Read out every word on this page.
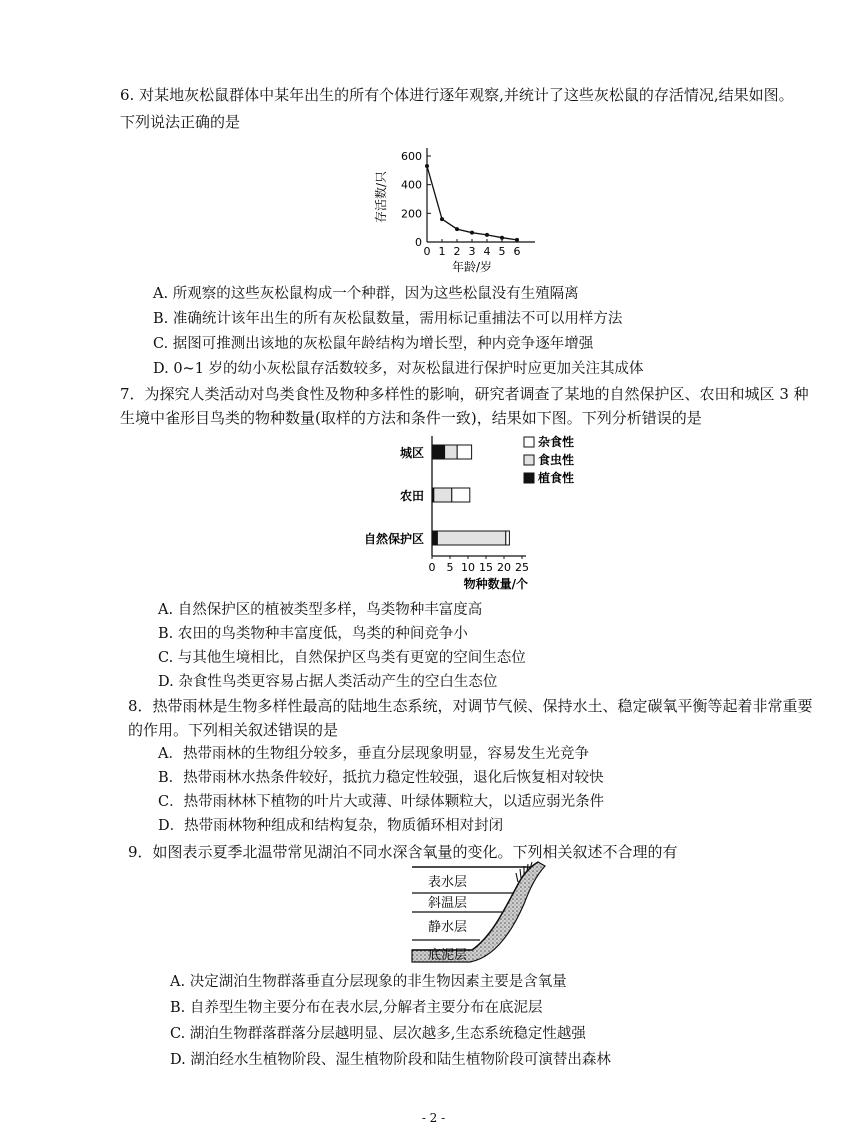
6. 对某地灰松鼠群体中某年出生的所有个体进行逐年观察,并统计了这些灰松鼠的存活情况,结果如图。
下列说法正确的是
0
200
400
600
0 1 2 3 4 5 6
年龄/岁
存活数/只
A. 所观察的这些灰松鼠构成一个种群，因为这些松鼠没有生殖隔离
B. 准确统计该年出生的所有灰松鼠数量，需用标记重捕法不可以用样方法
C. 据图可推测出该地的灰松鼠年龄结构为增长型，种内竞争逐年增强
D. 0~1 岁的幼小灰松鼠存活数较多，对灰松鼠进行保护时应更加关注其成体
7．为探究人类活动对鸟类食性及物种多样性的影响，研究者调查了某地的自然保护区、农田和城区 3 种
生境中雀形目鸟类的物种数量(取样的方法和条件一致)，结果如下图。下列分析错误的是
0 5 10 15 20 25
物种数量/个
城区
农田
自然保护区
杂食性
食虫性
植食性
A. 自然保护区的植被类型多样，鸟类物种丰富度高
B. 农田的鸟类物种丰富度低，鸟类的种间竞争小
C. 与其他生境相比，自然保护区鸟类有更宽的空间生态位
D. 杂食性鸟类更容易占据人类活动产生的空白生态位
8．热带雨林是生物多样性最高的陆地生态系统，对调节气候、保持水土、稳定碳氧平衡等起着非常重要
的作用。下列相关叙述错误的是
A．热带雨林的生物组分较多，垂直分层现象明显，容易发生光竞争
B．热带雨林水热条件较好，抵抗力稳定性较强，退化后恢复相对较快
C．热带雨林林下植物的叶片大或薄、叶绿体颗粒大，以适应弱光条件
D．热带雨林物种组成和结构复杂，物质循环相对封闭
9．如图表示夏季北温带常见湖泊不同水深含氧量的变化。下列相关叙述不合理的有
表水层
斜温层
静水层
底泥层
A. 决定湖泊生物群落垂直分层现象的非生物因素主要是含氧量
B. 自养型生物主要分布在表水层,分解者主要分布在底泥层
C. 湖泊生物群落群落分层越明显、层次越多,生态系统稳定性越强
D. 湖泊经水生植物阶段、湿生植物阶段和陆生植物阶段可演替出森林
- 2 -
